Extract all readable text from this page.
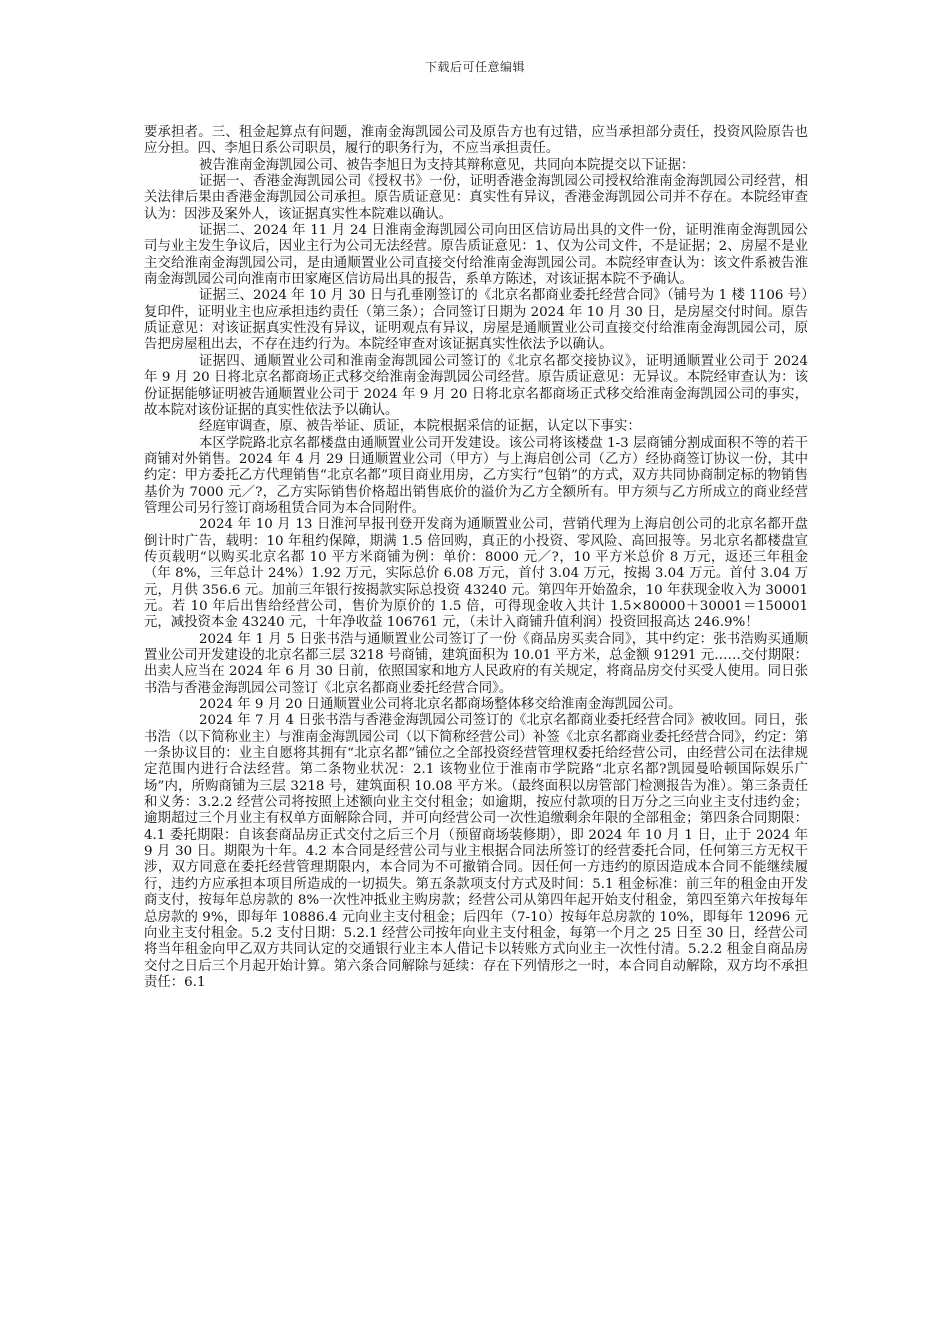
下载后可任意编辑

要承担者。三、租金起算点有问题，淮南金海凯园公司及原告方也有过错，应当承担部分责任，投资风险原告也应分担。四、李旭日系公司职员，履行的职务行为，不应当承担责任。

被告淮南金海凯园公司、被告李旭日为支持其辩称意见，共同向本院提交以下证据：

证据一、香港金海凯园公司《授权书》一份，证明香港金海凯园公司授权给淮南金海凯园公司经营，相关法律后果由香港金海凯园公司承担。原告质证意见：真实性有异议，香港金海凯园公司并不存在。本院经审查认为：因涉及案外人，该证据真实性本院难以确认。

证据二、2024 年 11 月 24 日淮南金海凯园公司向田区信访局出具的文件一份，证明淮南金海凯园公司与业主发生争议后，因业主行为公司无法经营。原告质证意见：1、仅为公司文件，不是证据；2、房屋不是业主交给淮南金海凯园公司，是由通顺置业公司直接交付给淮南金海凯园公司。本院经审查认为：该文件系被告淮南金海凯园公司向淮南市田家庵区信访局出具的报告，系单方陈述，对该证据本院不予确认。

证据三、2024 年 10 月 30 日与孔垂刚签订的《北京名都商业委托经营合同》（铺号为 1 楼 1106 号）复印件，证明业主也应承担违约责任（第三条）；合同签订日期为 2024 年 10 月 30 日，是房屋交付时间。原告质证意见：对该证据真实性没有异议，证明观点有异议，房屋是通顺置业公司直接交付给淮南金海凯园公司，原告把房屋租出去，不存在违约行为。本院经审查对该证据真实性依法予以确认。

证据四、通顺置业公司和淮南金海凯园公司签订的《北京名都交接协议》，证明通顺置业公司于 2024 年 9 月 20 日将北京名都商场正式移交给淮南金海凯园公司经营。原告质证意见：无异议。本院经审查认为：该份证据能够证明被告通顺置业公司于 2024 年 9 月 20 日将北京名都商场正式移交给淮南金海凯园公司的事实，故本院对该份证据的真实性依法予以确认。

经庭审调查，原、被告举证、质证，本院根据采信的证据，认定以下事实：

本区学院路北京名都楼盘由通顺置业公司开发建设。该公司将该楼盘 1-3 层商铺分割成面积不等的若干商铺对外销售。2024 年 4 月 29 日通顺置业公司（甲方）与上海启创公司（乙方）经协商签订协议一份，其中约定：甲方委托乙方代理销售“北京名都”项目商业用房，乙方实行“包销”的方式，双方共同协商制定标的物销售基价为 7000 元／?，乙方实际销售价格超出销售底价的溢价为乙方全额所有。甲方须与乙方所成立的商业经营管理公司另行签订商场租赁合同为本合同附件。

2024 年 10 月 13 日淮河早报刊登开发商为通顺置业公司，营销代理为上海启创公司的北京名都开盘倒计时广告，载明：10 年租约保障，期满 1.5 倍回购，真正的小投资、零风险、高回报等。另北京名都楼盘宣传页载明“以购买北京名都 10 平方米商铺为例：单价：8000 元／?，10 平方米总价 8 万元，返还三年租金（年 8%，三年总计 24%）1.92 万元，实际总价 6.08 万元，首付 3.04 万元，按揭 3.04 万元。首付 3.04 万元，月供 356.6 元。加前三年银行按揭款实际总投资 43240 元。第四年开始盈余，10 年获现金收入为 30001 元。若 10 年后出售给经营公司，售价为原价的 1.5 倍，可得现金收入共计 1.5×80000＋30001＝150001 元，减投资本金 43240 元，十年净收益 106761 元，（未计入商铺升值利润）投资回报高达 246.9%！

2024 年 1 月 5 日张书浩与通顺置业公司签订了一份《商品房买卖合同》，其中约定：张书浩购买通顺置业公司开发建设的北京名都三层 3218 号商铺，建筑面积为 10.01 平方米，总金额 91291 元……交付期限：出卖人应当在 2024 年 6 月 30 日前，依照国家和地方人民政府的有关规定，将商品房交付买受人使用。同日张书浩与香港金海凯园公司签订《北京名都商业委托经营合同》。

2024 年 9 月 20 日通顺置业公司将北京名都商场整体移交给淮南金海凯园公司。

2024 年 7 月 4 日张书浩与香港金海凯园公司签订的《北京名都商业委托经营合同》被收回。同日，张书浩（以下简称业主）与淮南金海凯园公司（以下简称经营公司）补签《北京名都商业委托经营合同》，约定：第一条协议目的：业主自愿将其拥有“北京名都”铺位之全部投资经营管理权委托给经营公司，由经营公司在法律规定范围内进行合法经营。第二条物业状况：2.1 该物业位于淮南市学院路“北京名都?凯园曼哈顿国际娱乐广场”内，所购商铺为三层 3218 号，建筑面积 10.08 平方米。（最终面积以房管部门检测报告为准）。第三条责任和义务：3.2.2 经营公司将按照上述额向业主交付租金；如逾期，按应付款项的日万分之三向业主支付违约金；逾期超过三个月业主有权单方面解除合同，并可向经营公司一次性追缴剩余年限的全部租金；第四条合同期限：4.1 委托期限：自该套商品房正式交付之后三个月（预留商场装修期），即 2024 年 10 月 1 日，止于 2024 年 9 月 30 日。期限为十年。4.2 本合同是经营公司与业主根据合同法所签订的经营委托合同，任何第三方无权干涉，双方同意在委托经营管理期限内，本合同为不可撤销合同。因任何一方违约的原因造成本合同不能继续履行，违约方应承担本项目所造成的一切损失。第五条款项支付方式及时间：5.1 租金标准：前三年的租金由开发商支付，按每年总房款的 8%一次性冲抵业主购房款；经营公司从第四年起开始支付租金，第四至第六年按每年总房款的 9%，即每年 10886.4 元向业主支付租金；后四年（7-10）按每年总房款的 10%，即每年 12096 元向业主支付租金。5.2 支付日期：5.2.1 经营公司按年向业主支付租金，每第一个月之 25 日至 30 日，经营公司将当年租金向甲乙双方共同认定的交通银行业主本人借记卡以转账方式向业主一次性付清。5.2.2 租金自商品房交付之日后三个月起开始计算。第六条合同解除与延续：存在下列情形之一时，本合同自动解除，双方均不承担责任：6.1
